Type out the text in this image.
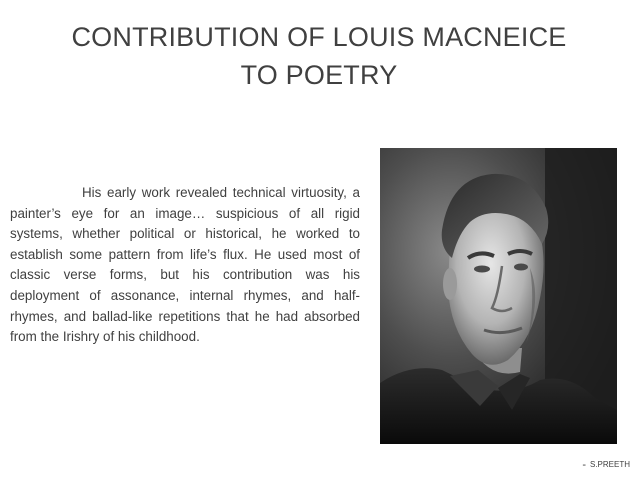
CONTRIBUTION OF LOUIS MACNEICE
TO POETRY

His early work revealed technical virtuosity, a painter’s eye for an image… suspicious of all rigid systems, whether political or historical, he worked to establish some pattern from life’s flux. He used most of classic verse forms, but his contribution was his deployment of assonance, internal rhymes, and half-rhymes, and ballad-like repetitions that he had absorbed from the Irishry of his childhood.

- S.PREETH
